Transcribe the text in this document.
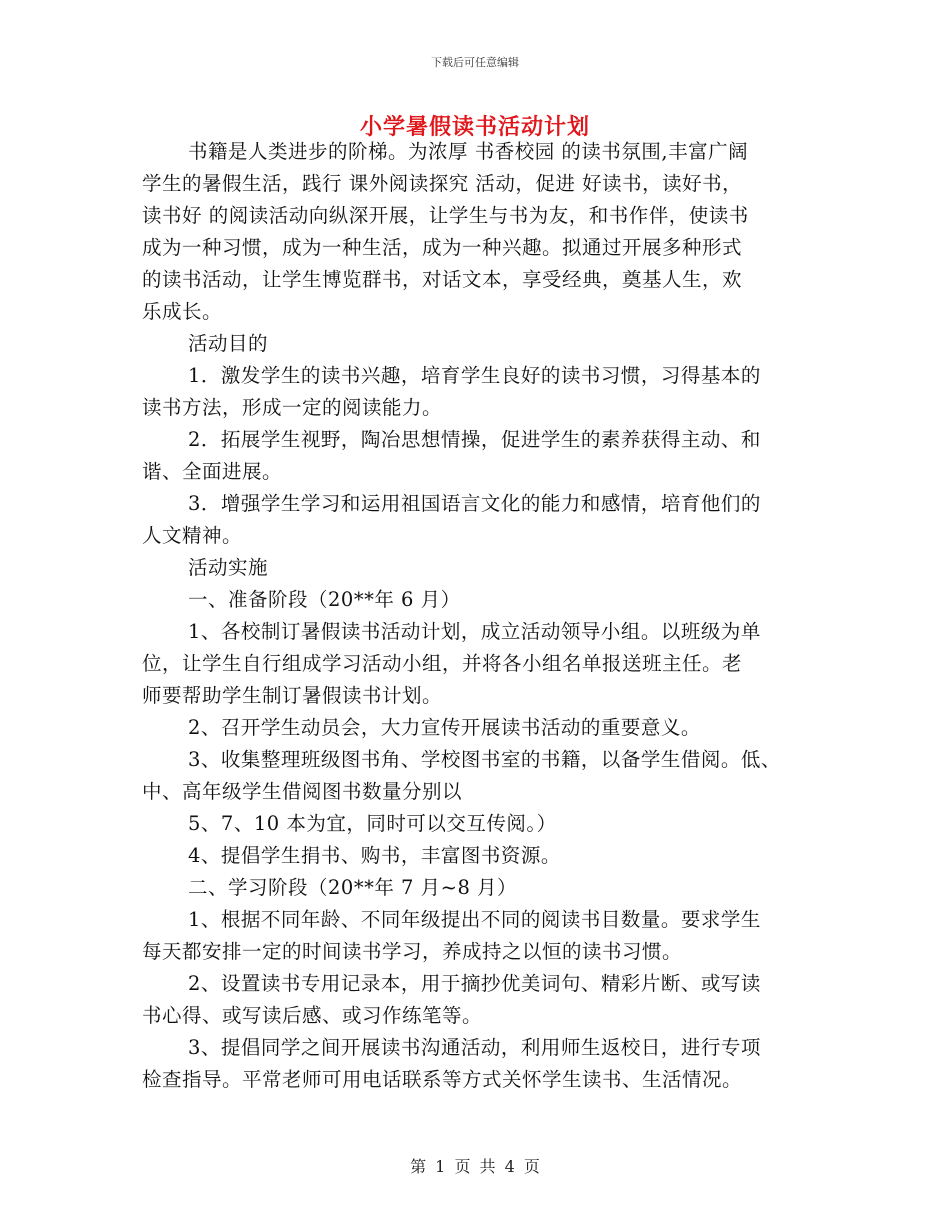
下载后可任意编辑
小学暑假读书活动计划
书籍是人类进步的阶梯。为浓厚 书香校园 的读书氛围,丰富广阔
学生的暑假生活，践行 课外阅读探究 活动，促进 好读书，读好书，
读书好 的阅读活动向纵深开展，让学生与书为友，和书作伴，使读书
成为一种习惯，成为一种生活，成为一种兴趣。拟通过开展多种形式
的读书活动，让学生博览群书，对话文本，享受经典，奠基人生，欢
乐成长。
活动目的
1．激发学生的读书兴趣，培育学生良好的读书习惯，习得基本的
读书方法，形成一定的阅读能力。
2．拓展学生视野，陶冶思想情操，促进学生的素养获得主动、和
谐、全面进展。
3．增强学生学习和运用祖国语言文化的能力和感情，培育他们的
人文精神。
活动实施
一、准备阶段（20**年 6 月）
1、各校制订暑假读书活动计划，成立活动领导小组。以班级为单
位，让学生自行组成学习活动小组，并将各小组名单报送班主任。老
师要帮助学生制订暑假读书计划。
2、召开学生动员会，大力宣传开展读书活动的重要意义。
3、收集整理班级图书角、学校图书室的书籍，以备学生借阅。低、
中、高年级学生借阅图书数量分别以
5、7、10 本为宜，同时可以交互传阅。）
4、提倡学生捐书、购书，丰富图书资源。
二、学习阶段（20**年 7 月~8 月）
1、根据不同年龄、不同年级提出不同的阅读书目数量。要求学生
每天都安排一定的时间读书学习，养成持之以恒的读书习惯。
2、设置读书专用记录本，用于摘抄优美词句、精彩片断、或写读
书心得、或写读后感、或习作练笔等。
3、提倡同学之间开展读书沟通活动，利用师生返校日，进行专项
检查指导。平常老师可用电话联系等方式关怀学生读书、生活情况。
第 1 页 共 4 页
